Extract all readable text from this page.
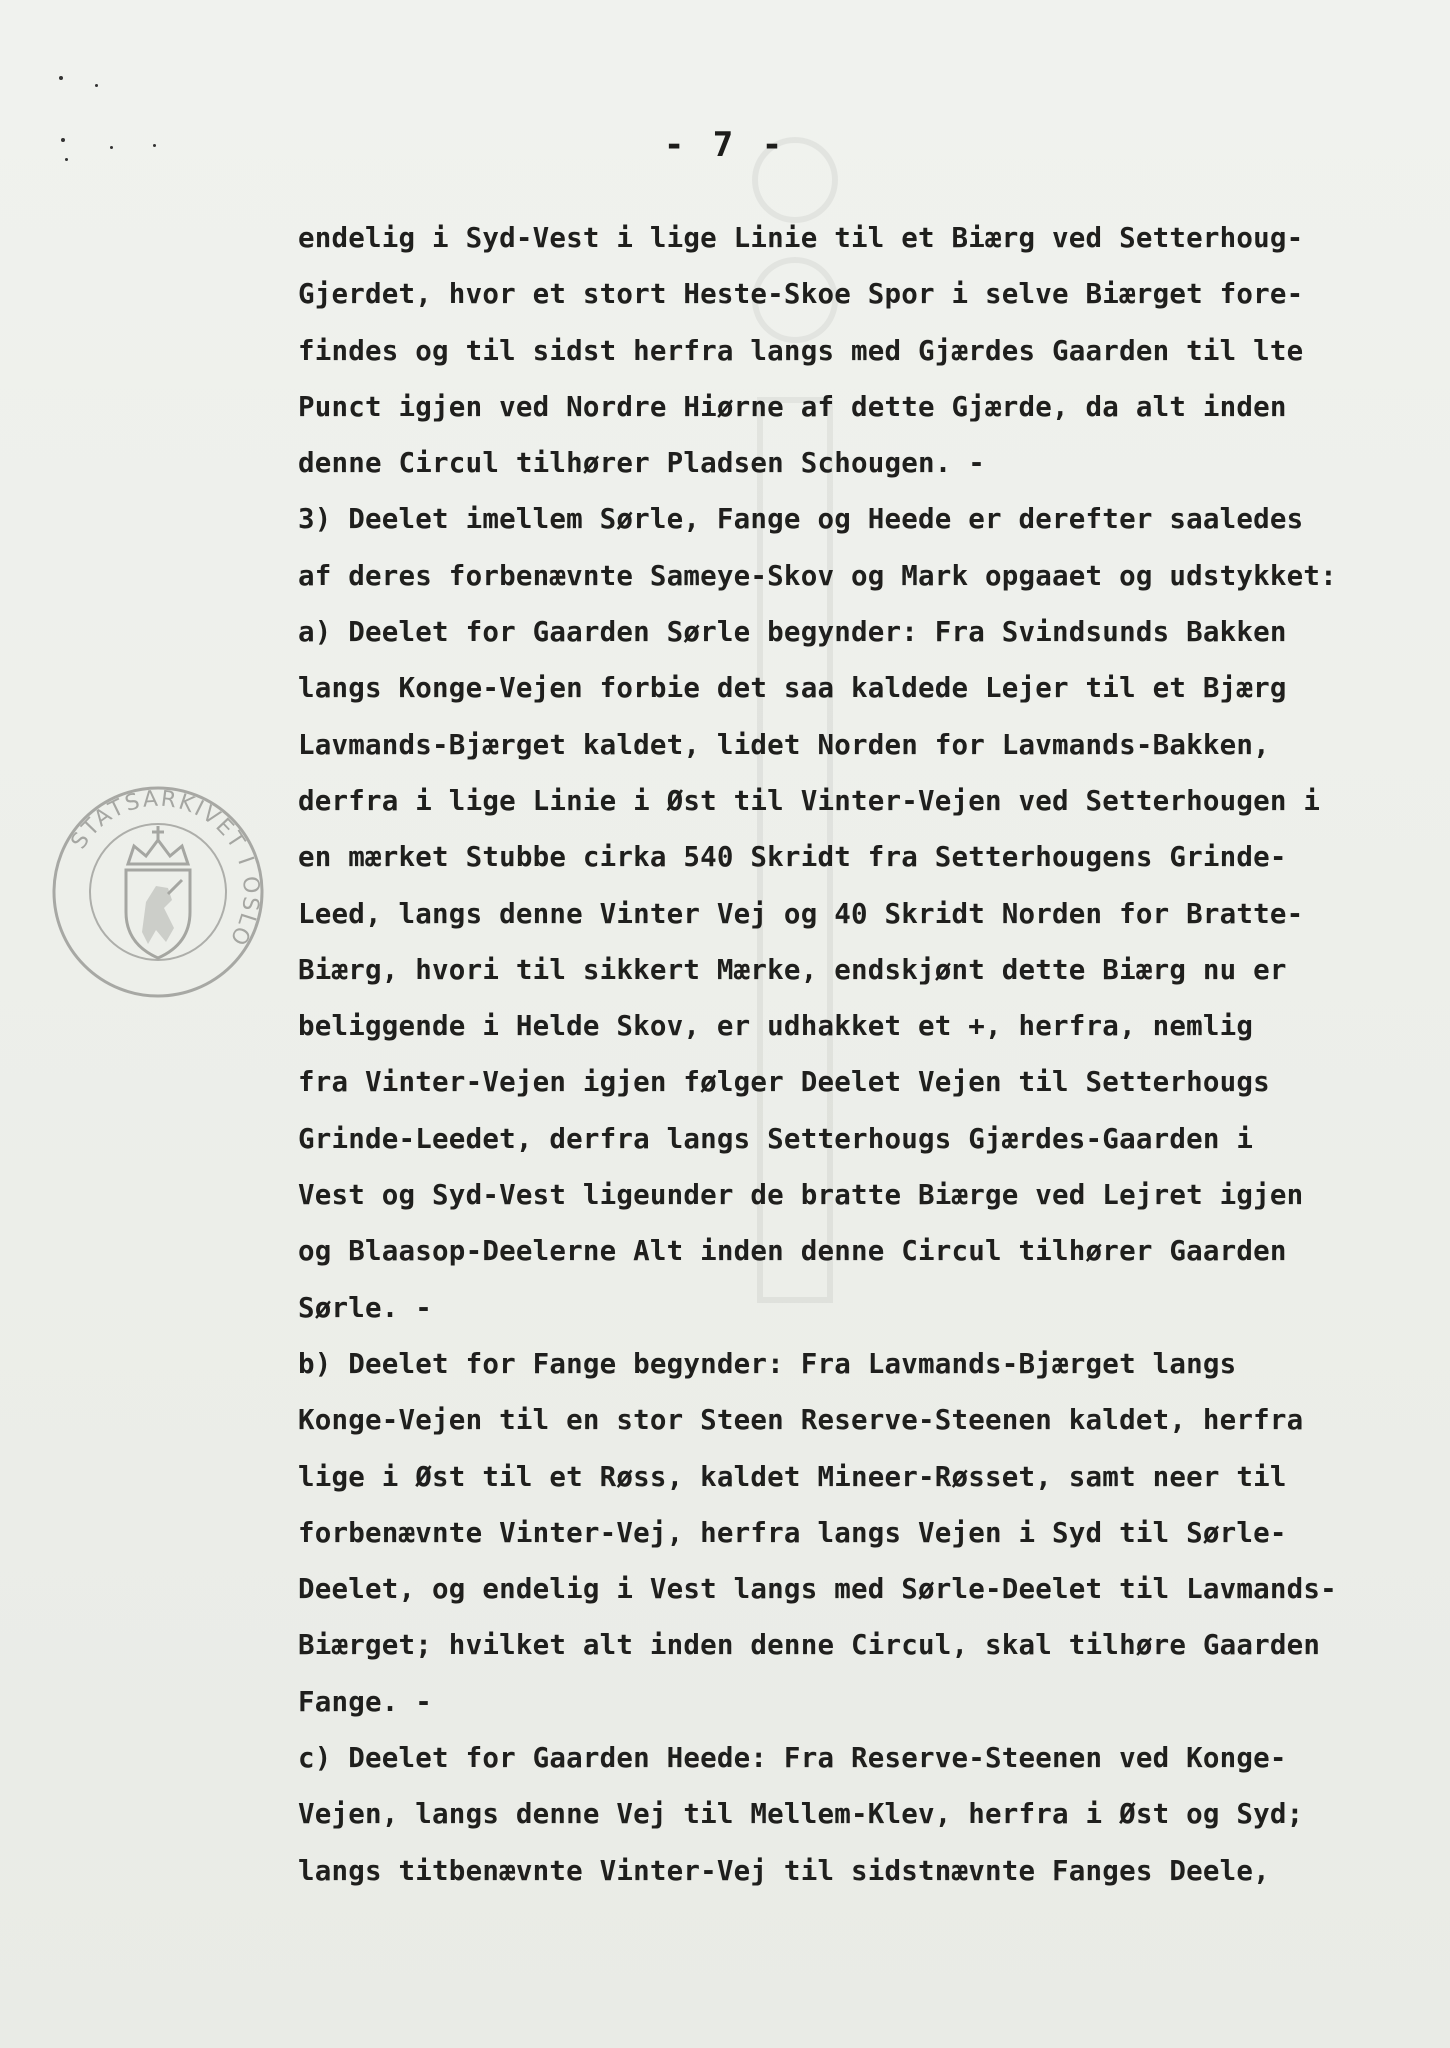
- 7 -
STATSARKIVET I OSLO
endelig i Syd-Vest i lige Linie til et Biærg ved Setterhoug-
Gjerdet, hvor et stort Heste-Skoe Spor i selve Biærget fore-
findes og til sidst herfra langs med Gjærdes Gaarden til lte
Punct igjen ved Nordre Hiørne af dette Gjærde, da alt inden
denne Circul tilhører Pladsen Schougen. -
3) Deelet imellem Sørle, Fange og Heede er derefter saaledes
af deres forbenævnte Sameye-Skov og Mark opgaaet og udstykket:
a) Deelet for Gaarden Sørle begynder: Fra Svindsunds Bakken
langs Konge-Vejen forbie det saa kaldede Lejer til et Bjærg
Lavmands-Bjærget kaldet, lidet Norden for Lavmands-Bakken,
derfra i lige Linie i Øst til Vinter-Vejen ved Setterhougen i
en mærket Stubbe cirka 540 Skridt fra Setterhougens Grinde-
Leed, langs denne Vinter Vej og 40 Skridt Norden for Bratte-
Biærg, hvori til sikkert Mærke, endskjønt dette Biærg nu er
beliggende i Helde Skov, er udhakket et +, herfra, nemlig
fra Vinter-Vejen igjen følger Deelet Vejen til Setterhougs
Grinde-Leedet, derfra langs Setterhougs Gjærdes-Gaarden i
Vest og Syd-Vest ligeunder de bratte Biærge ved Lejret igjen
og Blaasop-Deelerne Alt inden denne Circul tilhører Gaarden
Sørle. -
b) Deelet for Fange begynder: Fra Lavmands-Bjærget langs
Konge-Vejen til en stor Steen Reserve-Steenen kaldet, herfra
lige i Øst til et Røss, kaldet Mineer-Røsset, samt neer til
forbenævnte Vinter-Vej, herfra langs Vejen i Syd til Sørle-
Deelet, og endelig i Vest langs med Sørle-Deelet til Lavmands-
Biærget; hvilket alt inden denne Circul, skal tilhøre Gaarden
Fange. -
c) Deelet for Gaarden Heede: Fra Reserve-Steenen ved Konge-
Vejen, langs denne Vej til Mellem-Klev, herfra i Øst og Syd;
langs titbenævnte Vinter-Vej til sidstnævnte Fanges Deele,
